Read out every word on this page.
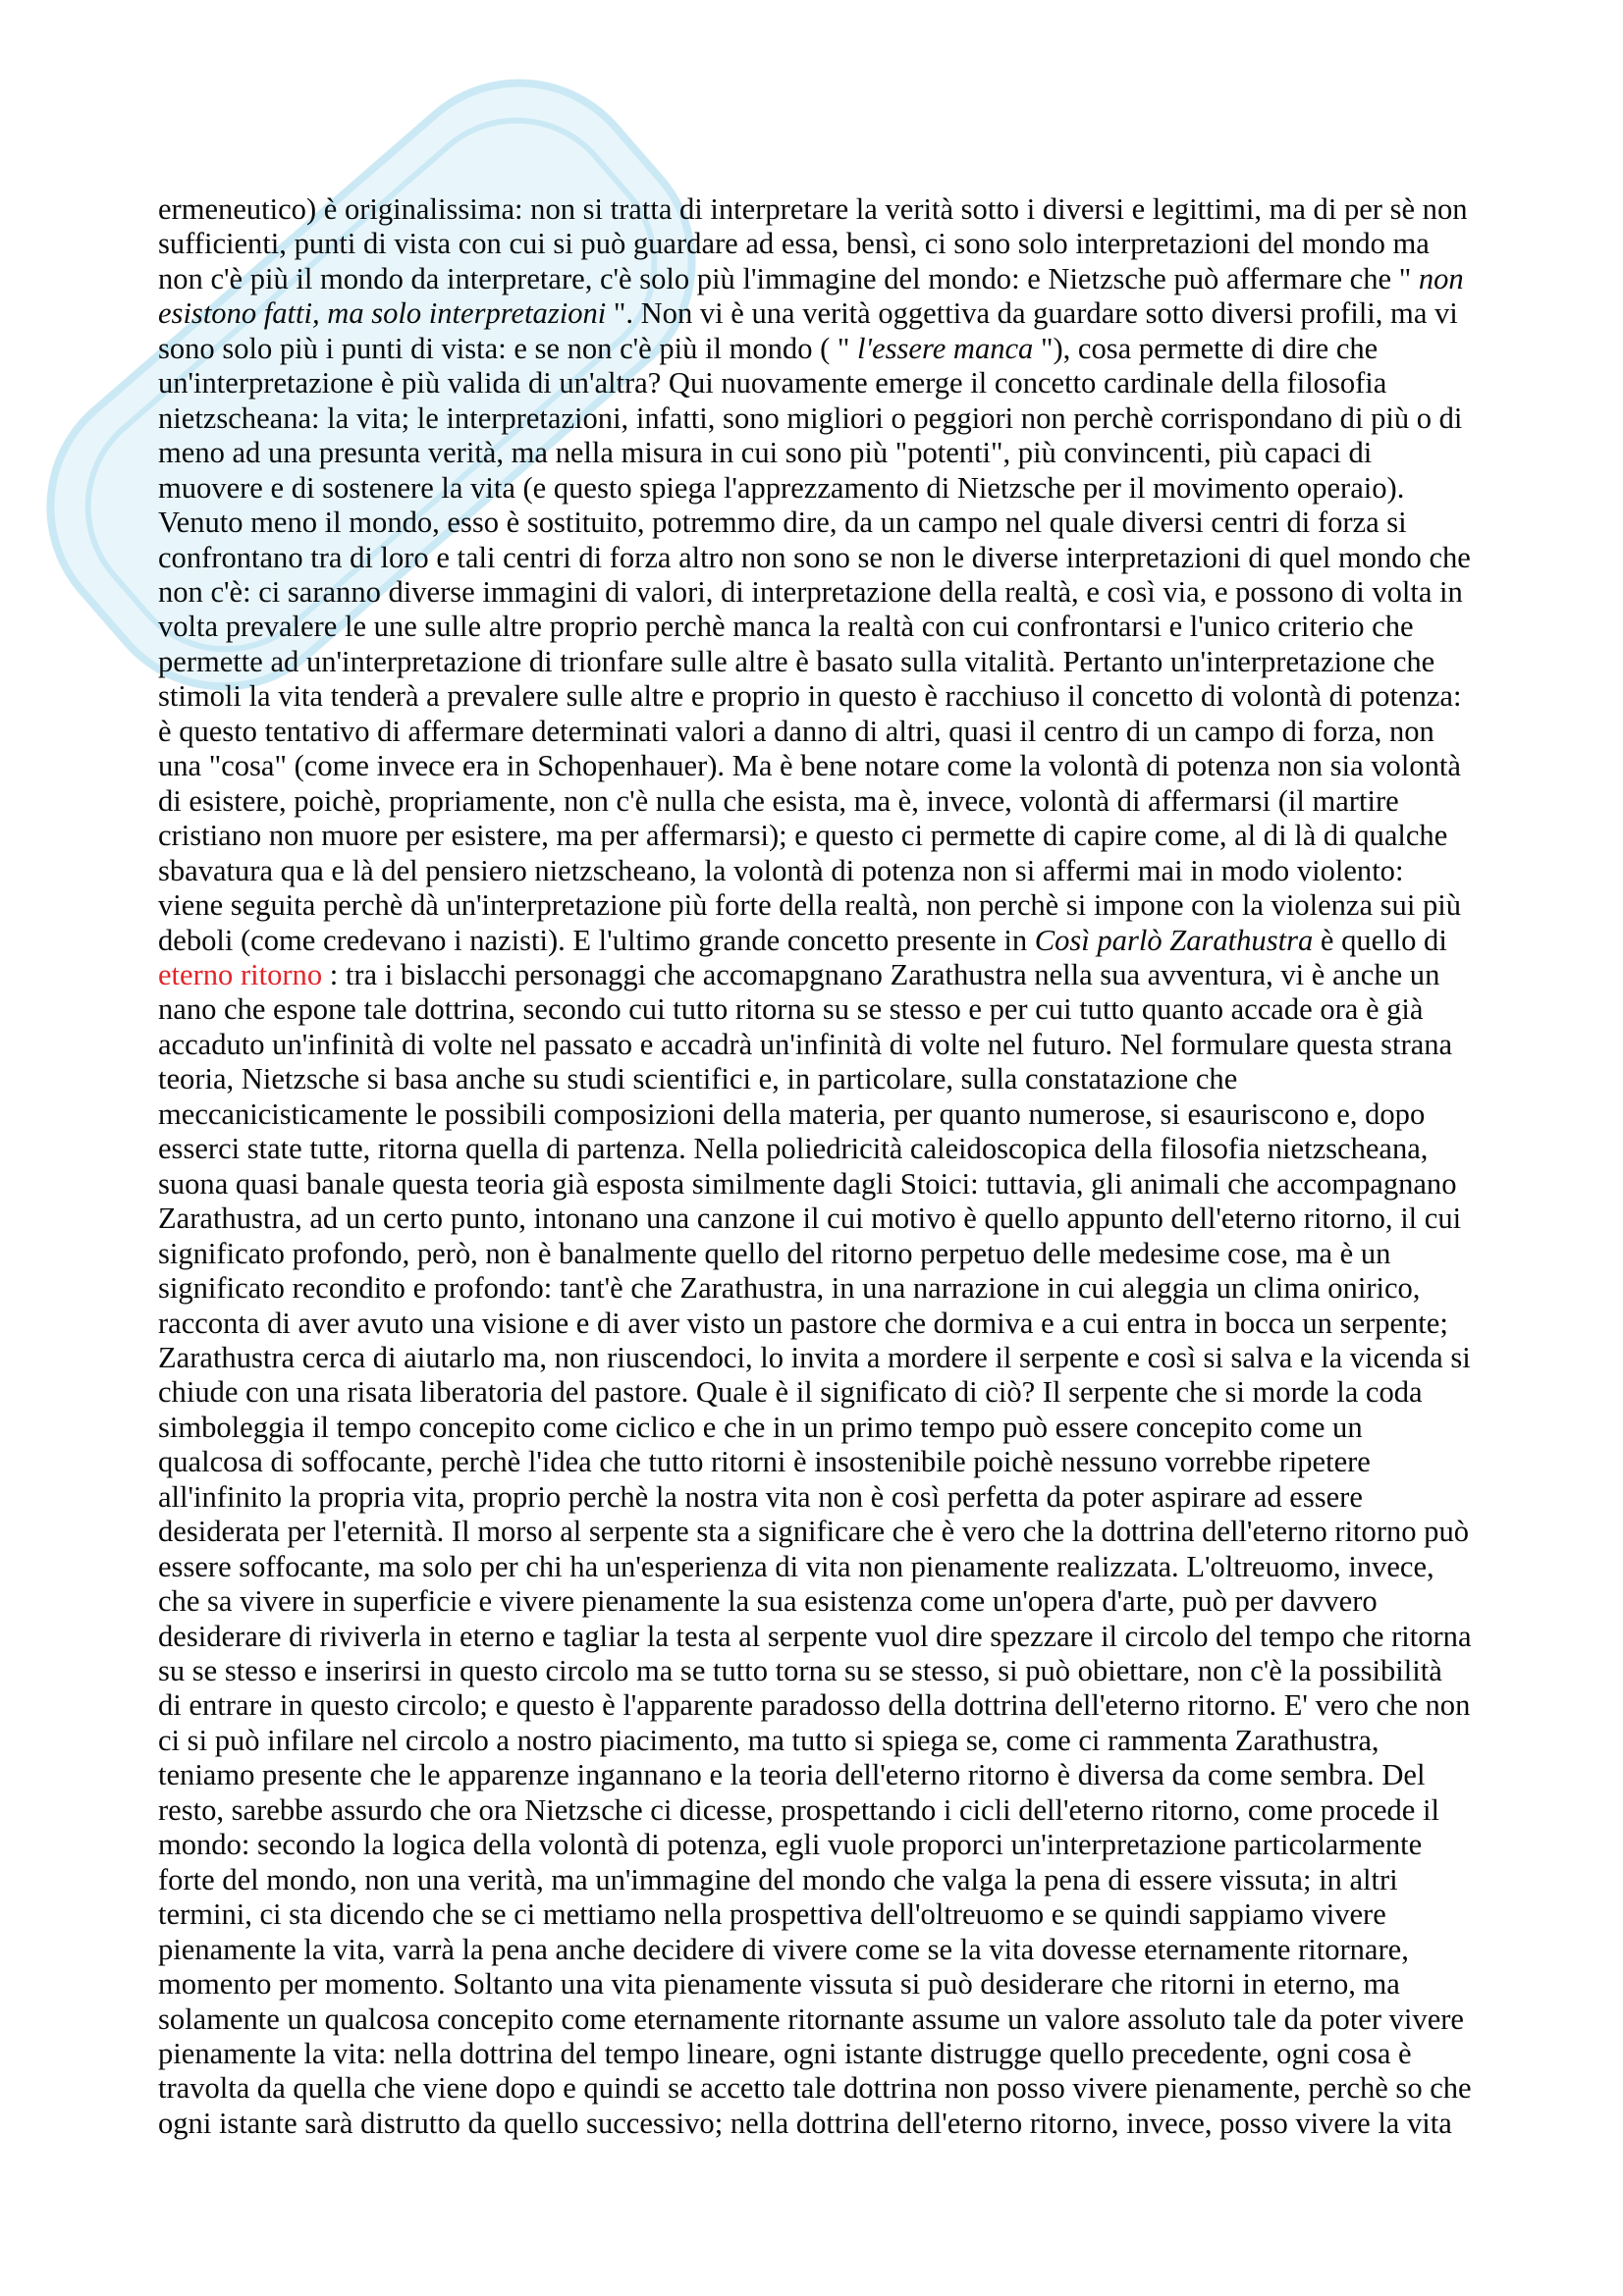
ermeneutico) è originalissima: non si tratta di interpretare la verità sotto i diversi e legittimi, ma di per sè non
sufficienti, punti di vista con cui si può guardare ad essa, bensì, ci sono solo interpretazioni del mondo ma
non c'è più il mondo da interpretare, c'è solo più l'immagine del mondo: e Nietzsche può affermare che " non
esistono fatti, ma solo interpretazioni ". Non vi è una verità oggettiva da guardare sotto diversi profili, ma vi
sono solo più i punti di vista: e se non c'è più il mondo ( " l'essere manca "), cosa permette di dire che
un'interpretazione è più valida di un'altra? Qui nuovamente emerge il concetto cardinale della filosofia
nietzscheana: la vita; le interpretazioni, infatti, sono migliori o peggiori non perchè corrispondano di più o di
meno ad una presunta verità, ma nella misura in cui sono più "potenti", più convincenti, più capaci di
muovere e di sostenere la vita (e questo spiega l'apprezzamento di Nietzsche per il movimento operaio).
Venuto meno il mondo, esso è sostituito, potremmo dire, da un campo nel quale diversi centri di forza si
confrontano tra di loro e tali centri di forza altro non sono se non le diverse interpretazioni di quel mondo che
non c'è: ci saranno diverse immagini di valori, di interpretazione della realtà, e così via, e possono di volta in
volta prevalere le une sulle altre proprio perchè manca la realtà con cui confrontarsi e l'unico criterio che
permette ad un'interpretazione di trionfare sulle altre è basato sulla vitalità. Pertanto un'interpretazione che
stimoli la vita tenderà a prevalere sulle altre e proprio in questo è racchiuso il concetto di volontà di potenza:
è questo tentativo di affermare determinati valori a danno di altri, quasi il centro di un campo di forza, non
una "cosa" (come invece era in Schopenhauer). Ma è bene notare come la volontà di potenza non sia volontà
di esistere, poichè, propriamente, non c'è nulla che esista, ma è, invece, volontà di affermarsi (il martire
cristiano non muore per esistere, ma per affermarsi); e questo ci permette di capire come, al di là di qualche
sbavatura qua e là del pensiero nietzscheano, la volontà di potenza non si affermi mai in modo violento:
viene seguita perchè dà un'interpretazione più forte della realtà, non perchè si impone con la violenza sui più
deboli (come credevano i nazisti). E l'ultimo grande concetto presente in Così parlò Zarathustra è quello di
eterno ritorno : tra i bislacchi personaggi che accomapgnano Zarathustra nella sua avventura, vi è anche un
nano che espone tale dottrina, secondo cui tutto ritorna su se stesso e per cui tutto quanto accade ora è già
accaduto un'infinità di volte nel passato e accadrà un'infinità di volte nel futuro. Nel formulare questa strana
teoria, Nietzsche si basa anche su studi scientifici e, in particolare, sulla constatazione che
meccanicisticamente le possibili composizioni della materia, per quanto numerose, si esauriscono e, dopo
esserci state tutte, ritorna quella di partenza. Nella poliedricità caleidoscopica della filosofia nietzscheana,
suona quasi banale questa teoria già esposta similmente dagli Stoici: tuttavia, gli animali che accompagnano
Zarathustra, ad un certo punto, intonano una canzone il cui motivo è quello appunto dell'eterno ritorno, il cui
significato profondo, però, non è banalmente quello del ritorno perpetuo delle medesime cose, ma è un
significato recondito e profondo: tant'è che Zarathustra, in una narrazione in cui aleggia un clima onirico,
racconta di aver avuto una visione e di aver visto un pastore che dormiva e a cui entra in bocca un serpente;
Zarathustra cerca di aiutarlo ma, non riuscendoci, lo invita a mordere il serpente e così si salva e la vicenda si
chiude con una risata liberatoria del pastore. Quale è il significato di ciò? Il serpente che si morde la coda
simboleggia il tempo concepito come ciclico e che in un primo tempo può essere concepito come un
qualcosa di soffocante, perchè l'idea che tutto ritorni è insostenibile poichè nessuno vorrebbe ripetere
all'infinito la propria vita, proprio perchè la nostra vita non è così perfetta da poter aspirare ad essere
desiderata per l'eternità. Il morso al serpente sta a significare che è vero che la dottrina dell'eterno ritorno può
essere soffocante, ma solo per chi ha un'esperienza di vita non pienamente realizzata. L'oltreuomo, invece,
che sa vivere in superficie e vivere pienamente la sua esistenza come un'opera d'arte, può per davvero
desiderare di riviverla in eterno e tagliar la testa al serpente vuol dire spezzare il circolo del tempo che ritorna
su se stesso e inserirsi in questo circolo ma se tutto torna su se stesso, si può obiettare, non c'è la possibilità
di entrare in questo circolo; e questo è l'apparente paradosso della dottrina dell'eterno ritorno. E' vero che non
ci si può infilare nel circolo a nostro piacimento, ma tutto si spiega se, come ci rammenta Zarathustra,
teniamo presente che le apparenze ingannano e la teoria dell'eterno ritorno è diversa da come sembra. Del
resto, sarebbe assurdo che ora Nietzsche ci dicesse, prospettando i cicli dell'eterno ritorno, come procede il
mondo: secondo la logica della volontà di potenza, egli vuole proporci un'interpretazione particolarmente
forte del mondo, non una verità, ma un'immagine del mondo che valga la pena di essere vissuta; in altri
termini, ci sta dicendo che se ci mettiamo nella prospettiva dell'oltreuomo e se quindi sappiamo vivere
pienamente la vita, varrà la pena anche decidere di vivere come se la vita dovesse eternamente ritornare,
momento per momento. Soltanto una vita pienamente vissuta si può desiderare che ritorni in eterno, ma
solamente un qualcosa concepito come eternamente ritornante assume un valore assoluto tale da poter vivere
pienamente la vita: nella dottrina del tempo lineare, ogni istante distrugge quello precedente, ogni cosa è
travolta da quella che viene dopo e quindi se accetto tale dottrina non posso vivere pienamente, perchè so che
ogni istante sarà distrutto da quello successivo; nella dottrina dell'eterno ritorno, invece, posso vivere la vita
